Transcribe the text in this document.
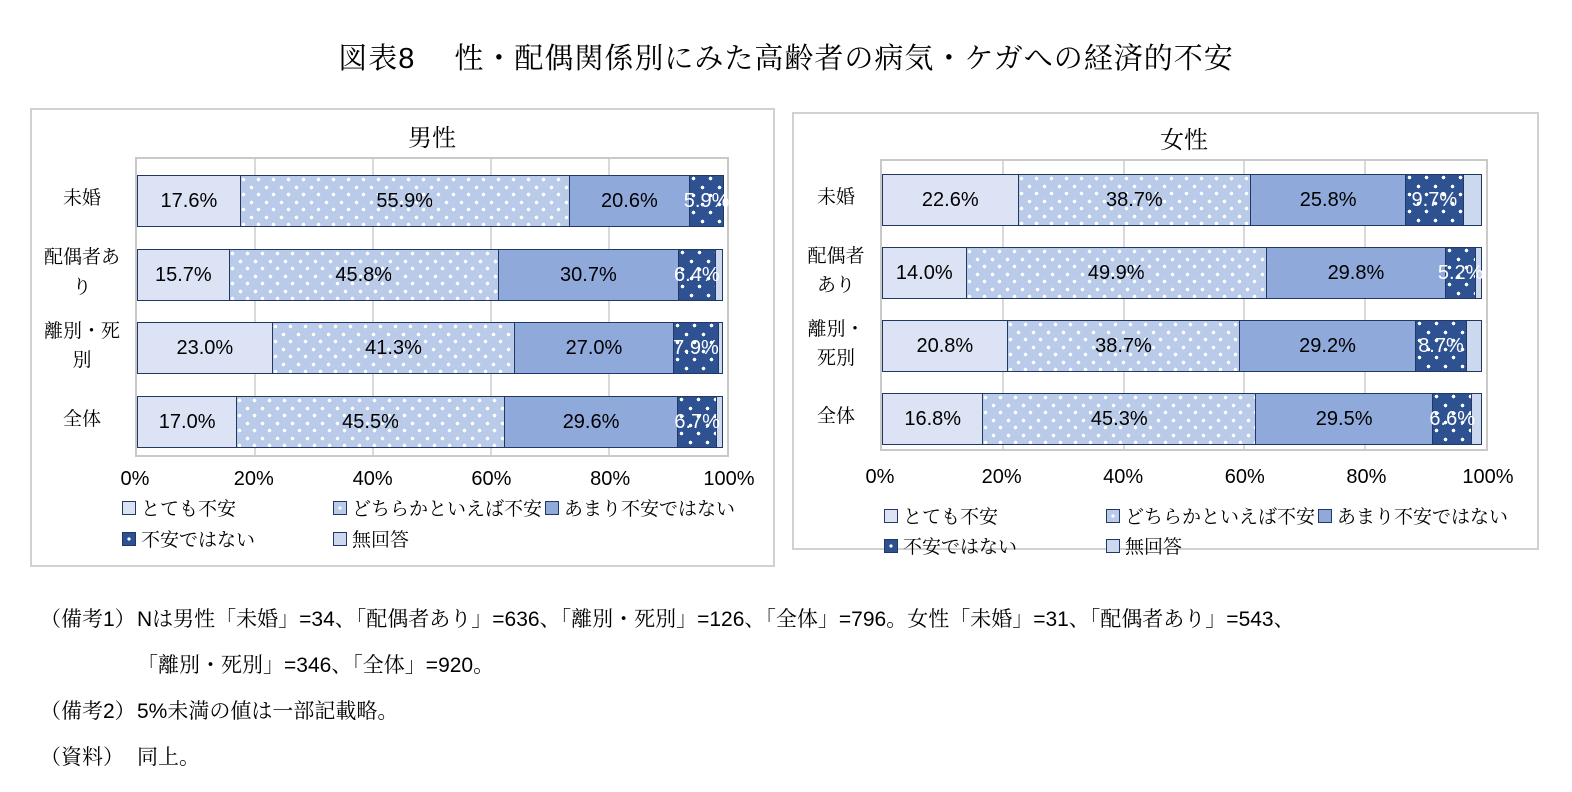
図表8　 性・配偶関係別にみた高齢者の病気・ケガへの経済的不安
男性
17.6%	55.9%	20.6% 5.9%
15.7%	45.8%	30.7%	6.4%
23.0%	41.3%	27.0%	7.9%
17.0%	45.5%	29.6%	6.7%
未婚
配偶者あり
離別・死別
全体
0%	20%	40%	60%	80%	100%
とても不安	どちらかといえば不安 あまり不安ではない
不安ではない	無回答
女性
22.6%	38.7%	25.8%	9.7%
14.0%	49.9%	29.8%	5.2%
20.8%	38.7%	29.2%	8.7%
16.8%	45.3%	29.5%	6.6%
未婚
配偶者あり
離別・死別
全体
0%	20%	40%	60%	80%	100%
とても不安	どちらかといえば不安 あまり不安ではない
不安ではない	無回答
（備考1） Nは男性「未婚」=34、「配偶者あり」=636、「離別・死別」=126、「全体」=796。女性「未婚」=31、「配偶者あり」=543、
「離別・死別」=346、「全体」=920。
（備考2） 5%未満の値は一部記載略。
（資料） 同上。
